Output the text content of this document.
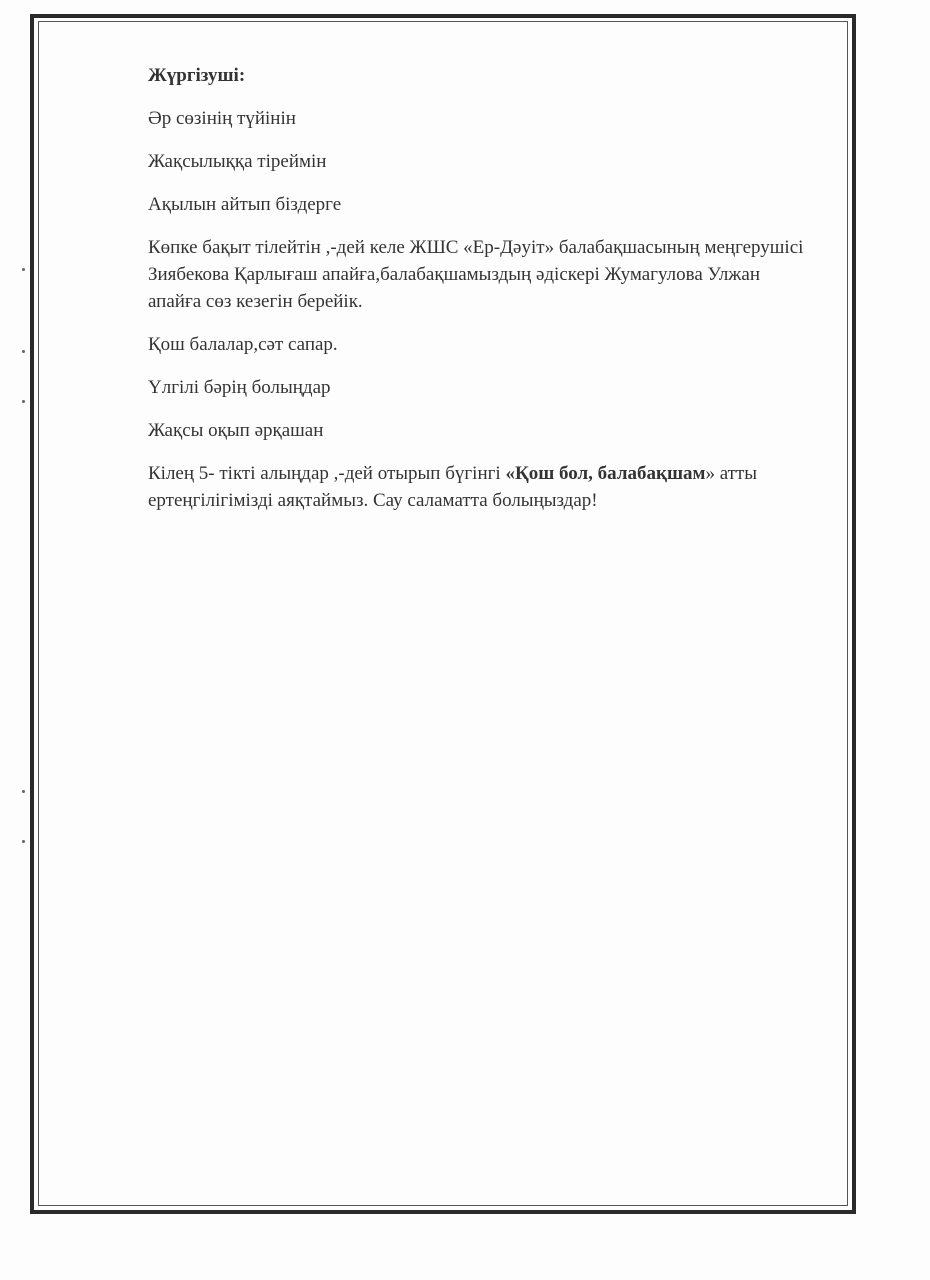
Жүргізуші:

Әр сөзінің түйінін

Жақсылыққа тіреймін

Ақылын айтып біздерге

Көпке бақыт тілейтін ,-дей келе ЖШС «Ер-Дәуіт» балабақшасының меңгерушісі Зиябекова Қарлығаш апайға,балабақшамыздың әдіскері Жумагулова Улжан апайға сөз кезегін берейік.

Қош балалар,сәт сапар.

Үлгілі бәрің болыңдар

Жақсы оқып әрқашан

Кілең 5- тікті алыңдар ,-дей отырып бүгінгі «Қош бол, балабақшам» атты ертеңгілігімізді аяқтаймыз. Сау саламатта болыңыздар!
